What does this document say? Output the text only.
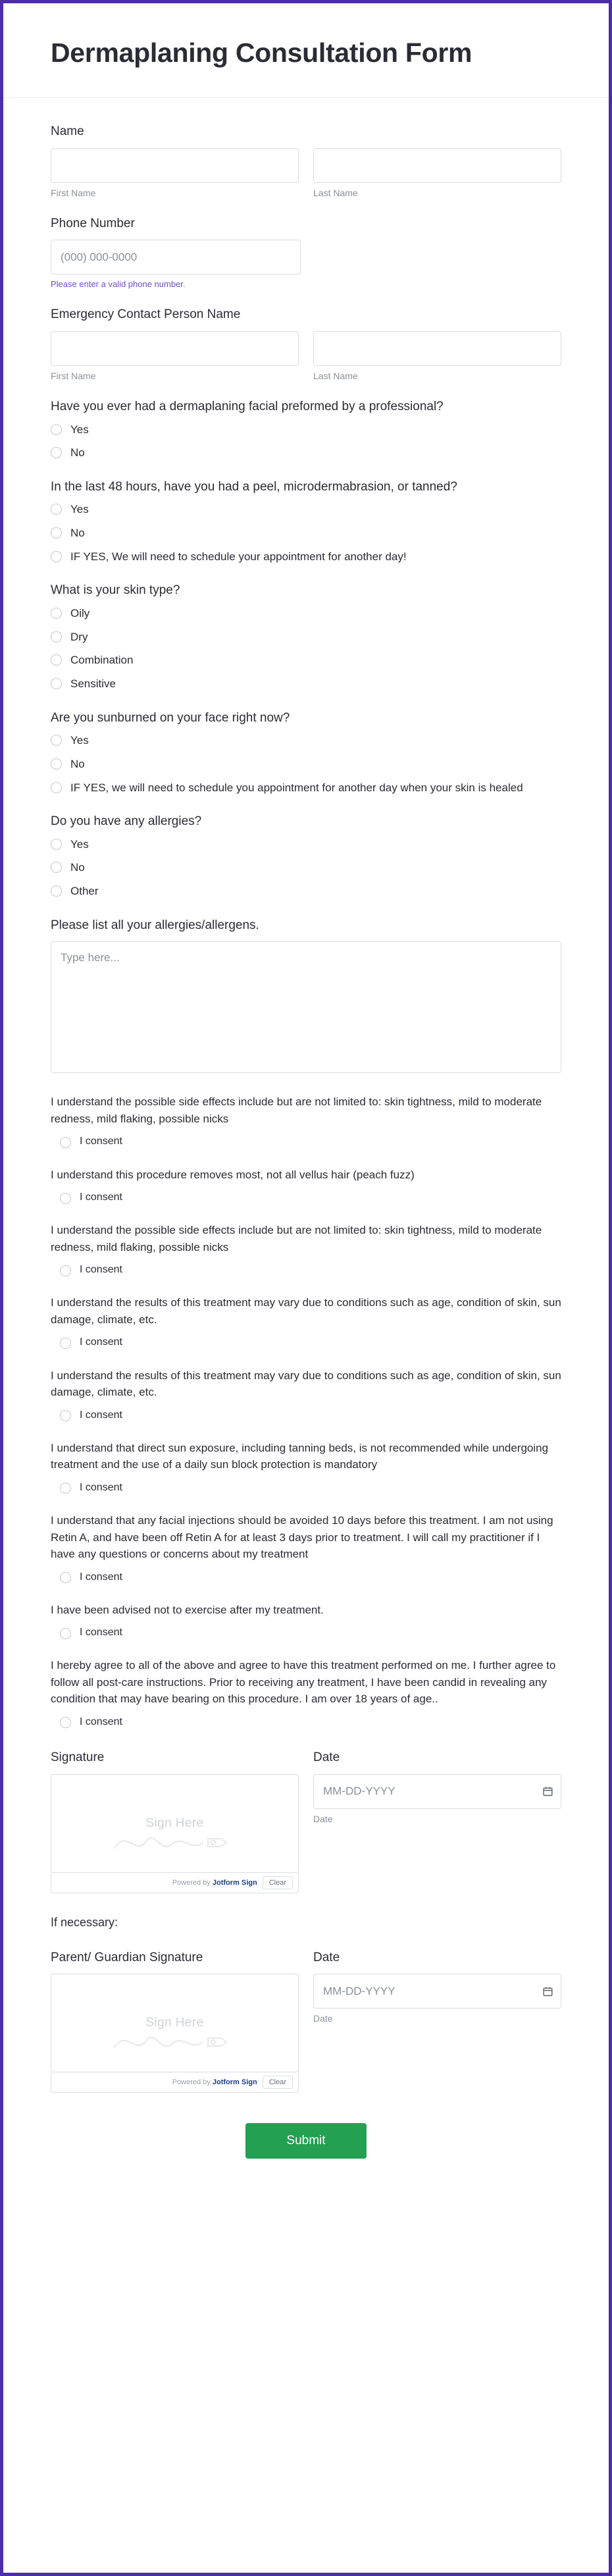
Dermaplaning Consultation Form
Name
First Name	Last Name
Phone Number
(000) 000-0000
Please enter a valid phone number.
Emergency Contact Person Name
First Name	Last Name
Have you ever had a dermaplaning facial preformed by a professional?
Yes
No
In the last 48 hours, have you had a peel, microdermabrasion, or tanned?
Yes
No
IF YES, We will need to schedule your appointment for another day!
What is your skin type?
Oily
Dry
Combination
Sensitive
Are you sunburned on your face right now?
Yes
No
IF YES, we will need to schedule you appointment for another day when your skin is healed
Do you have any allergies?
Yes
No
Other
Please list all your allergies/allergens.
Type here...
I understand the possible side effects include but are not limited to: skin tightness, mild to moderate redness, mild flaking, possible nicks
I consent
I understand this procedure removes most, not all vellus hair (peach fuzz)
I consent
I understand the possible side effects include but are not limited to: skin tightness, mild to moderate redness, mild flaking, possible nicks
I consent
I understand the results of this treatment may vary due to conditions such as age, condition of skin, sun damage, climate, etc.
I consent
I understand the results of this treatment may vary due to conditions such as age, condition of skin, sun damage, climate, etc.
I consent
I understand that direct sun exposure, including tanning beds, is not recommended while undergoing treatment and the use of a daily sun block protection is mandatory
I consent
I understand that any facial injections should be avoided 10 days before this treatment. I am not using Retin A, and have been off Retin A for at least 3 days prior to treatment. I will call my practitioner if I have any questions or concerns about my treatment
I consent
I have been advised not to exercise after my treatment.
I consent
I hereby agree to all of the above and agree to have this treatment performed on me. I further agree to follow all post-care instructions. Prior to receiving any treatment, I have been candid in revealing any condition that may have bearing on this procedure. I am over 18 years of age..
I consent
Signature
Sign Here
Powered by Jotform Sign	Clear
Date
MM-DD-YYYY
Date
If necessary:
Parent/ Guardian Signature
Sign Here
Powered by Jotform Sign	Clear
Date
MM-DD-YYYY
Date
Submit
